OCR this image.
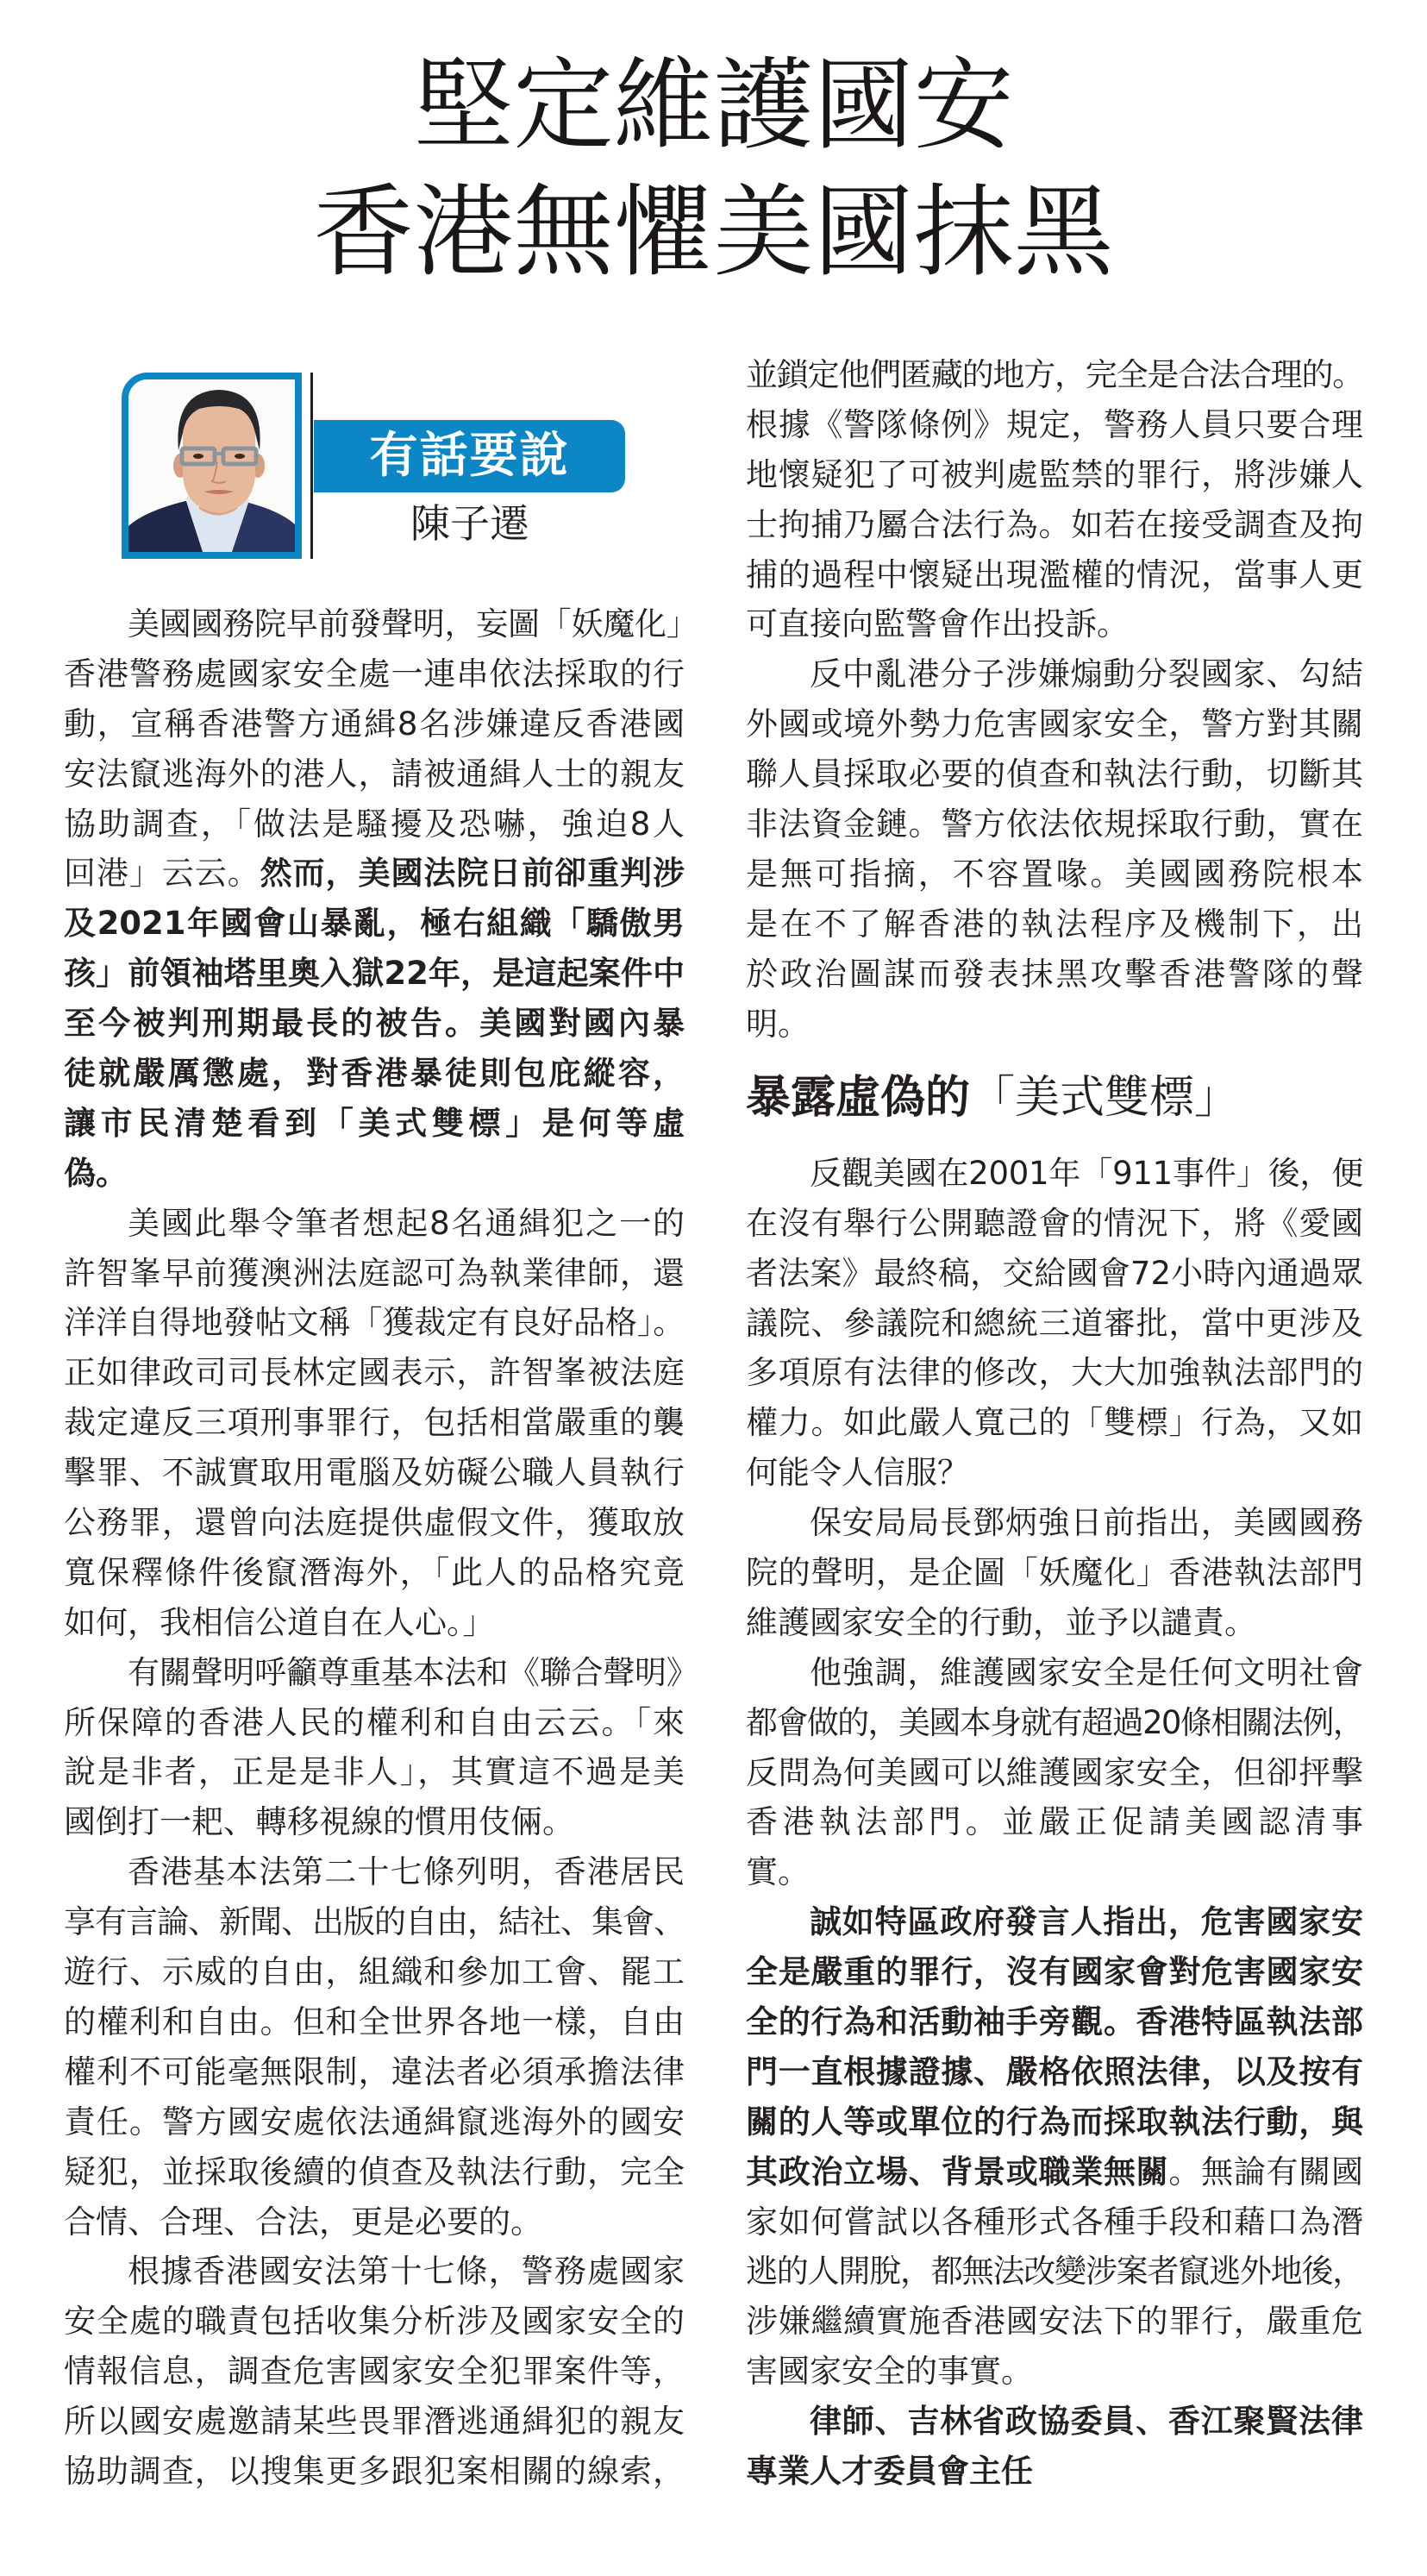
堅定維護國安
香港無懼美國抹黑
有話要說
陳子遷
美國國務院早前發聲明，妄圖「妖魔化」
香港警務處國家安全處一連串依法採取的行
動，宣稱香港警方通緝8名涉嫌違反香港國
安法竄逃海外的港人，請被通緝人士的親友
協助調查，「做法是騷擾及恐嚇，強迫8人
回港」云云。然而，美國法院日前卻重判涉
及2021年國會山暴亂，極右組織「驕傲男
孩」前領袖塔里奧入獄22年，是這起案件中
至今被判刑期最長的被告。美國對國內暴
徒就嚴厲懲處，對香港暴徒則包庇縱容，
讓市民清楚看到「美式雙標」是何等虛
偽。
美國此舉令筆者想起8名通緝犯之一的
許智峯早前獲澳洲法庭認可為執業律師，還
洋洋自得地發帖文稱「獲裁定有良好品格」。
正如律政司司長林定國表示，許智峯被法庭
裁定違反三項刑事罪行，包括相當嚴重的襲
擊罪、不誠實取用電腦及妨礙公職人員執行
公務罪，還曾向法庭提供虛假文件，獲取放
寬保釋條件後竄潛海外，「此人的品格究竟
如何，我相信公道自在人心。」
有關聲明呼籲尊重基本法和《聯合聲明》
所保障的香港人民的權利和自由云云。「來
說是非者，正是是非人」，其實這不過是美
國倒打一耙、轉移視線的慣用伎倆。
香港基本法第二十七條列明，香港居民
享有言論、新聞、出版的自由，結社、集會、
遊行、示威的自由，組織和參加工會、罷工
的權利和自由。但和全世界各地一樣，自由
權利不可能毫無限制，違法者必須承擔法律
責任。警方國安處依法通緝竄逃海外的國安
疑犯，並採取後續的偵查及執法行動，完全
合情、合理、合法，更是必要的。
根據香港國安法第十七條，警務處國家
安全處的職責包括收集分析涉及國家安全的
情報信息，調查危害國家安全犯罪案件等，
所以國安處邀請某些畏罪潛逃通緝犯的親友
協助調查，以搜集更多跟犯案相關的線索，
並鎖定他們匿藏的地方，完全是合法合理的。
根據《警隊條例》規定，警務人員只要合理
地懷疑犯了可被判處監禁的罪行，將涉嫌人
士拘捕乃屬合法行為。如若在接受調查及拘
捕的過程中懷疑出現濫權的情況，當事人更
可直接向監警會作出投訴。
反中亂港分子涉嫌煽動分裂國家、勾結
外國或境外勢力危害國家安全，警方對其關
聯人員採取必要的偵查和執法行動，切斷其
非法資金鏈。警方依法依規採取行動，實在
是無可指摘，不容置喙。美國國務院根本
是在不了解香港的執法程序及機制下，出
於政治圖謀而發表抹黑攻擊香港警隊的聲
明。
暴露虛偽的「美式雙標」
反觀美國在2001年「911事件」後，便
在沒有舉行公開聽證會的情況下，將《愛國
者法案》最終稿，交給國會72小時內通過眾
議院、參議院和總統三道審批，當中更涉及
多項原有法律的修改，大大加強執法部門的
權力。如此嚴人寬己的「雙標」行為，又如
何能令人信服？
保安局局長鄧炳強日前指出，美國國務
院的聲明，是企圖「妖魔化」香港執法部門
維護國家安全的行動，並予以譴責。
他強調，維護國家安全是任何文明社會
都會做的，美國本身就有超過20條相關法例，
反問為何美國可以維護國家安全，但卻抨擊
香港執法部門。並嚴正促請美國認清事
實。
誠如特區政府發言人指出，危害國家安
全是嚴重的罪行，沒有國家會對危害國家安
全的行為和活動袖手旁觀。香港特區執法部
門一直根據證據、嚴格依照法律，以及按有
關的人等或單位的行為而採取執法行動，與
其政治立場、背景或職業無關。無論有關國
家如何嘗試以各種形式各種手段和藉口為潛
逃的人開脫，都無法改變涉案者竄逃外地後，
涉嫌繼續實施香港國安法下的罪行，嚴重危
害國家安全的事實。
律師、吉林省政協委員、香江聚賢法律
專業人才委員會主任
